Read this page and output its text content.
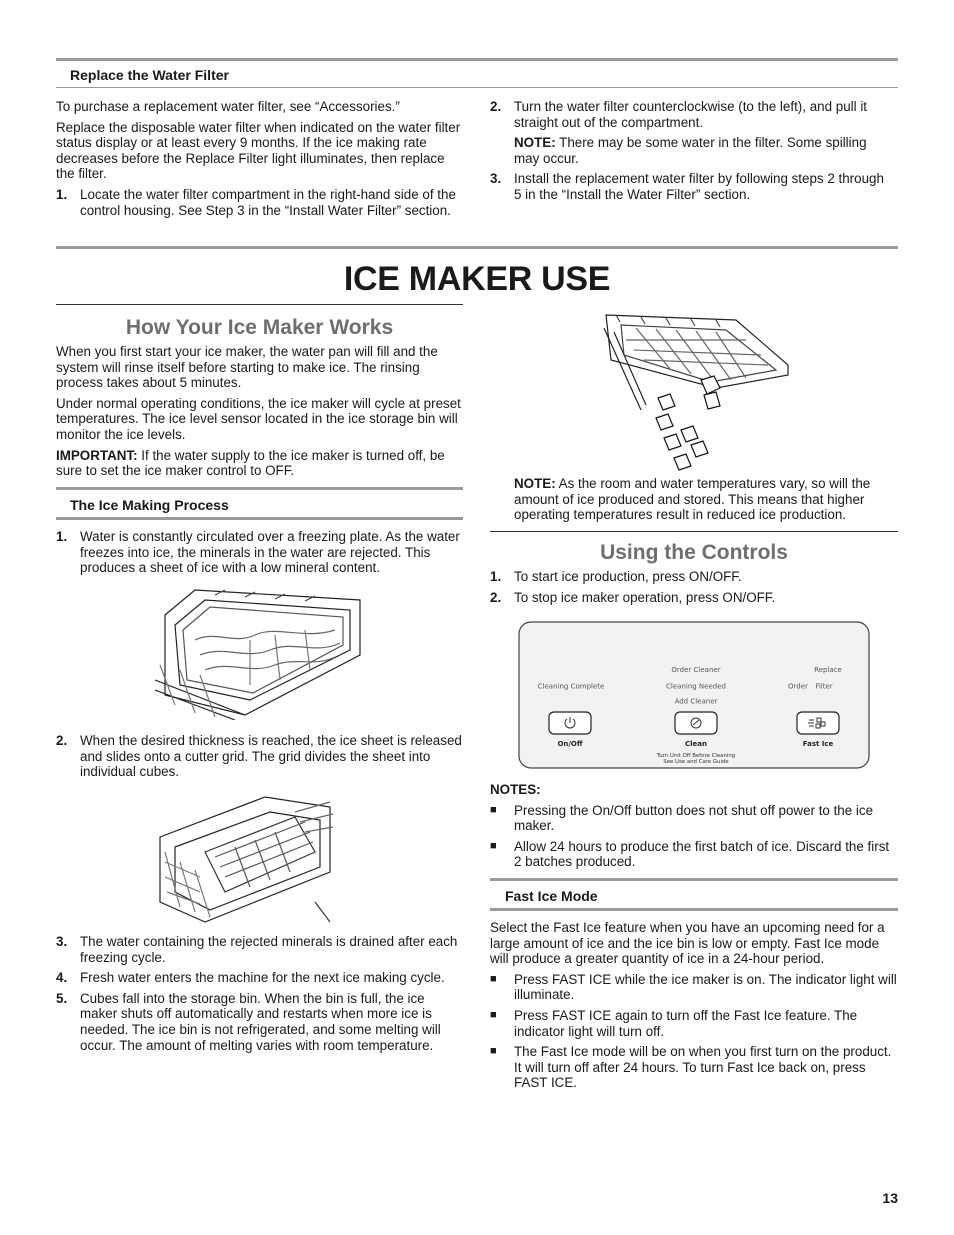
Replace the Water Filter

To purchase a replacement water filter, see “Accessories.”

Replace the disposable water filter when indicated on the water filter status display or at least every 9 months. If the ice making rate decreases before the Replace Filter light illuminates, then replace the filter.

1. Locate the water filter compartment in the right-hand side of the control housing. See Step 3 in the “Install Water Filter” section.
2. Turn the water filter counterclockwise (to the left), and pull it straight out of the compartment.
NOTE: There may be some water in the filter. Some spilling may occur.
3. Install the replacement water filter by following steps 2 through 5 in the “Install the Water Filter” section.
ICE MAKER USE
How Your Ice Maker Works

When you first start your ice maker, the water pan will fill and the system will rinse itself before starting to make ice. The rinsing process takes about 5 minutes.

Under normal operating conditions, the ice maker will cycle at preset temperatures. The ice level sensor located in the ice storage bin will monitor the ice levels.

IMPORTANT: If the water supply to the ice maker is turned off, be sure to set the ice maker control to OFF.

The Ice Making Process
1. Water is constantly circulated over a freezing plate. As the water freezes into ice, the minerals in the water are rejected. This produces a sheet of ice with a low mineral content.
2. When the desired thickness is reached, the ice sheet is released and slides onto a cutter grid. The grid divides the sheet into individual cubes.
3. The water containing the rejected minerals is drained after each freezing cycle.
4. Fresh water enters the machine for the next ice making cycle.
5. Cubes fall into the storage bin. When the bin is full, the ice maker shuts off automatically and restarts when more ice is needed. The ice bin is not refrigerated, and some melting will occur. The amount of melting varies with room temperature.

NOTE: As the room and water temperatures vary, so will the amount of ice produced and stored. This means that higher operating temperatures result in reduced ice production.

Using the Controls
1. To start ice production, press ON/OFF.
2. To stop ice maker operation, press ON/OFF.
Cleaning Complete
Order Cleaner
Cleaning Needed
Add Cleaner
Replace
Order Filter
On/Off	Clean	Fast Ice
Turn Unit Off Before Cleaning
See Use and Care Guide

NOTES:

■ Pressing the On/Off button does not shut off power to the ice maker.
■ Allow 24 hours to produce the first batch of ice. Discard the first 2 batches produced.
Fast Ice Mode

Select the Fast Ice feature when you have an upcoming need for a large amount of ice and the ice bin is low or empty. Fast Ice mode will produce a greater quantity of ice in a 24-hour period.

■ Press FAST ICE while the ice maker is on. The indicator light will illuminate.
■ Press FAST ICE again to turn off the Fast Ice feature. The indicator light will turn off.
■ The Fast Ice mode will be on when you first turn on the product. It will turn off after 24 hours. To turn Fast Ice back on, press FAST ICE.
13
